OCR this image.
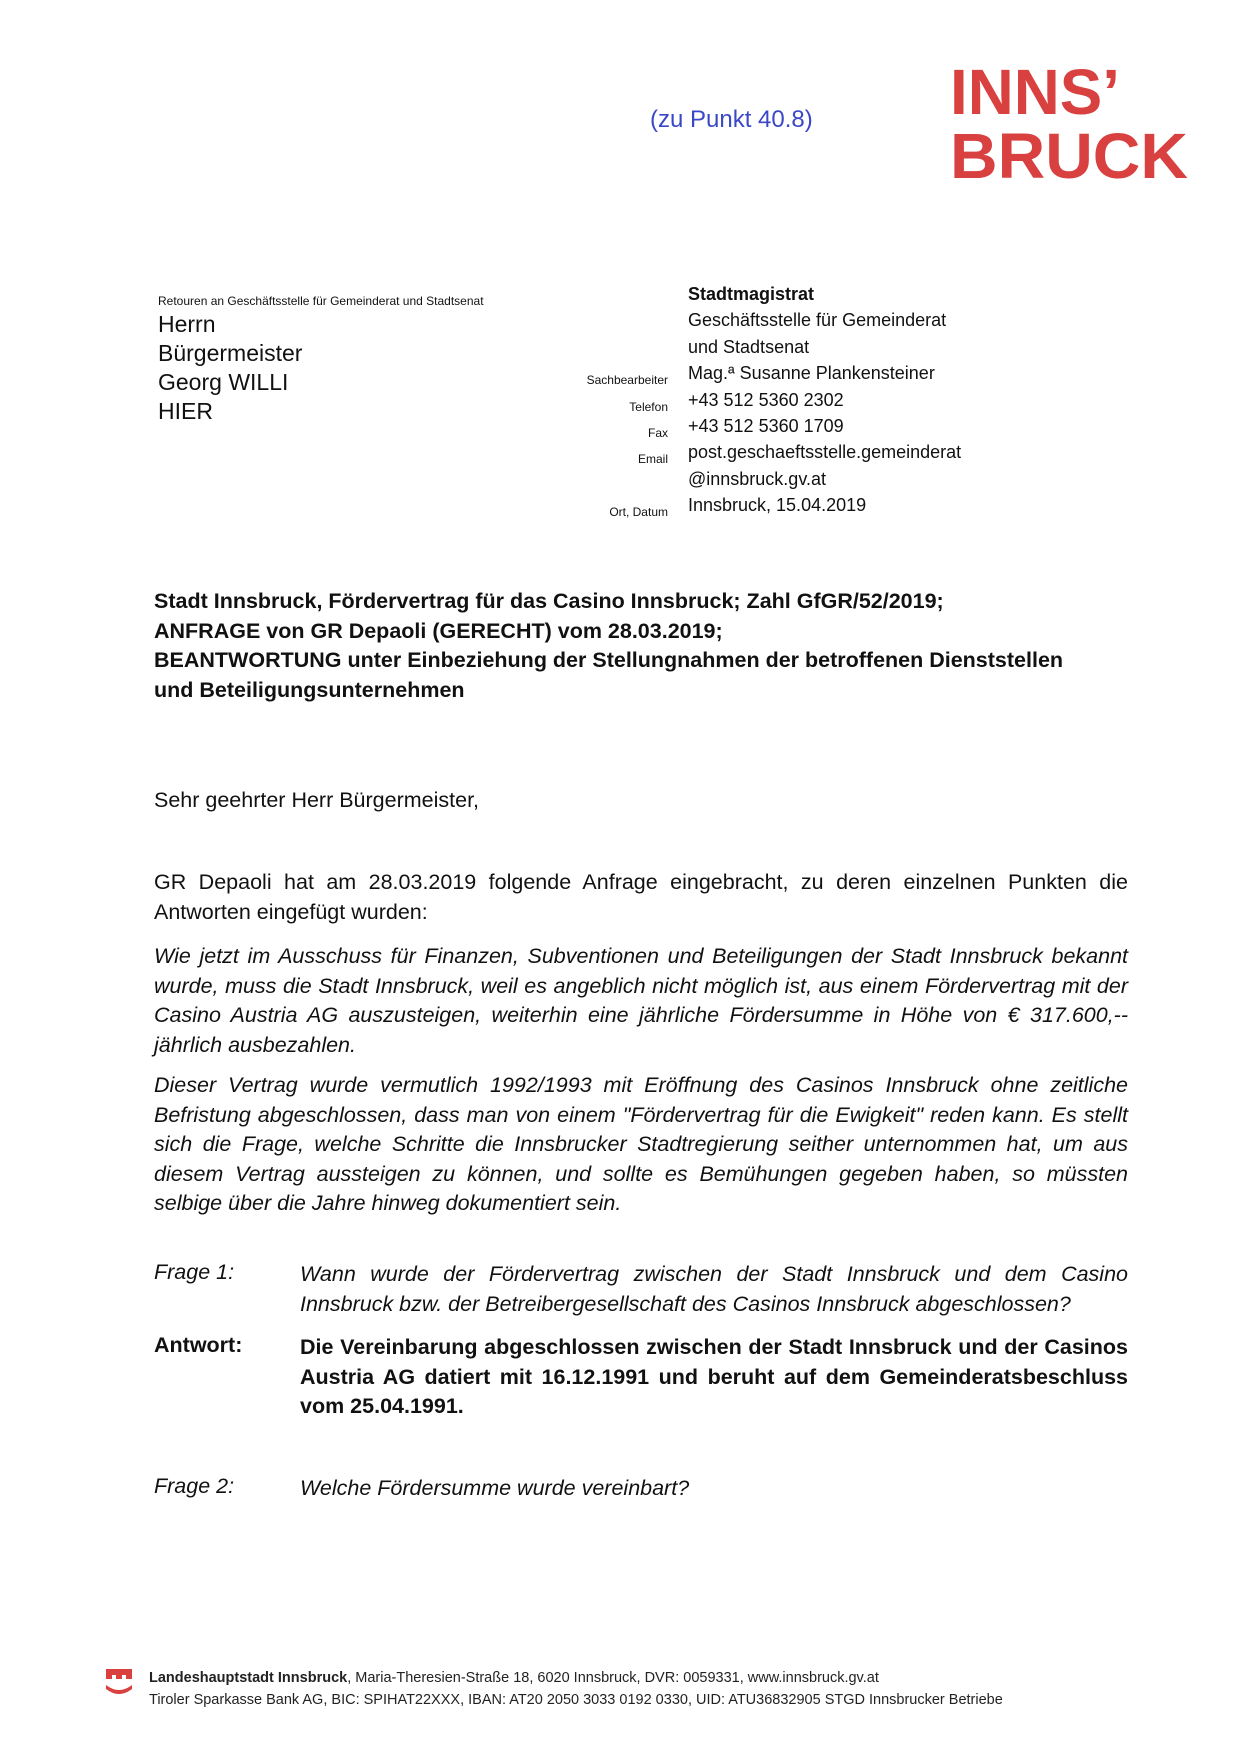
(zu Punkt 40.8) INNS’
BRUCK
Retouren an Geschäftsstelle für Gemeinderat und Stadtsenat
Herrn
Bürgermeister
Georg WILLI
HIER
Stadtmagistrat
Geschäftsstelle für Gemeinderat
und Stadtsenat
Sachbearbeiter Mag.ª Susanne Plankensteiner
Telefon +43 512 5360 2302
Fax +43 512 5360 1709
Email post.geschaeftsstelle.gemeinderat
@innsbruck.gv.at
Ort, Datum Innsbruck, 15.04.2019
Stadt Innsbruck, Fördervertrag für das Casino Innsbruck; Zahl GfGR/52/2019;
ANFRAGE von GR Depaoli (GERECHT) vom 28.03.2019;
BEANTWORTUNG unter Einbeziehung der Stellungnahmen der betroffenen Dienststellen
und Beteiligungsunternehmen
Sehr geehrter Herr Bürgermeister,
GR Depaoli hat am 28.03.2019 folgende Anfrage eingebracht, zu deren einzelnen Punkten die Antworten eingefügt wurden:
Wie jetzt im Ausschuss für Finanzen, Subventionen und Beteiligungen der Stadt Innsbruck bekannt wurde, muss die Stadt Innsbruck, weil es angeblich nicht möglich ist, aus einem Fördervertrag mit der Casino Austria AG auszusteigen, weiterhin eine jährliche Fördersumme in Höhe von € 317.600,-- jährlich ausbezahlen.
Dieser Vertrag wurde vermutlich 1992/1993 mit Eröffnung des Casinos Innsbruck ohne zeitliche Befristung abgeschlossen, dass man von einem "Fördervertrag für die Ewigkeit" reden kann. Es stellt sich die Frage, welche Schritte die Innsbrucker Stadtregierung seither unternommen hat, um aus diesem Vertrag aussteigen zu können, und sollte es Bemühungen gegeben haben, so müssten selbige über die Jahre hinweg dokumentiert sein.
Frage 1:	Wann wurde der Fördervertrag zwischen der Stadt Innsbruck und dem Casino Innsbruck bzw. der Betreibergesellschaft des Casinos Innsbruck abgeschlossen?
Antwort:	Die Vereinbarung abgeschlossen zwischen der Stadt Innsbruck und der Casinos Austria AG datiert mit 16.12.1991 und beruht auf dem Gemeinderatsbeschluss vom 25.04.1991.
Frage 2:	Welche Fördersumme wurde vereinbart?
Landeshauptstadt Innsbruck, Maria-Theresien-Straße 18, 6020 Innsbruck, DVR: 0059331, www.innsbruck.gv.at
Tiroler Sparkasse Bank AG, BIC: SPIHAT22XXX, IBAN: AT20 2050 3033 0192 0330, UID: ATU36832905 STGD Innsbrucker Betriebe
